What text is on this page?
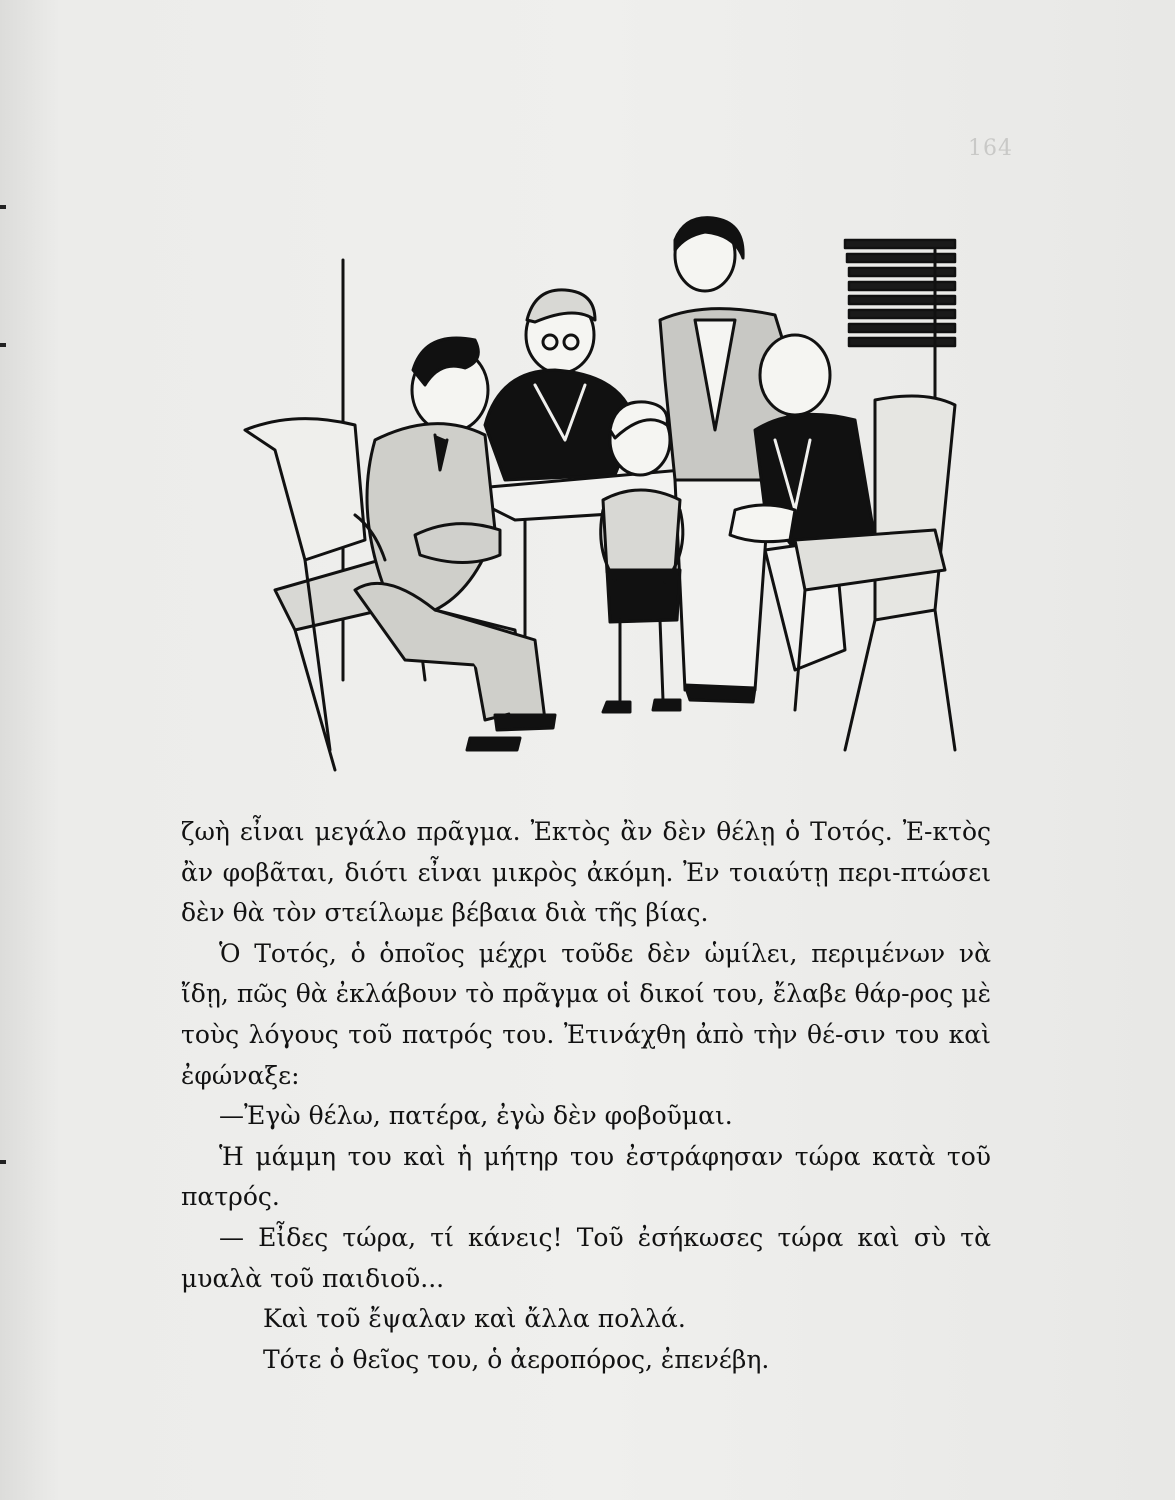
164

ζωὴ εἶναι μεγάλο πρᾶγμα. Ἐκτὸς ἂν δὲν θέλῃ ὁ Τοτός. Ἐ-κτὸς ἂν φοβᾶται, διότι εἶναι μικρὸς ἀκόμη. Ἐν τοιαύτῃ περι-πτώσει δὲν θὰ τὸν στείλωμε βέβαια διὰ τῆς βίας.

Ὁ Τοτός, ὁ ὁποῖος μέχρι τοῦδε δὲν ὡμίλει, περιμένων νὰ ἴδῃ, πῶς θὰ ἐκλάβουν τὸ πρᾶγμα οἱ δικοί του, ἔλαβε θάρ-ρος μὲ τοὺς λόγους τοῦ πατρός του. Ἐτινάχθη ἀπὸ τὴν θέ-σιν του καὶ ἐφώναξε:

—Ἐγὼ θέλω, πατέρα, ἐγὼ δὲν φοβοῦμαι.

Ἡ μάμμη του καὶ ἡ μήτηρ του ἐστράφησαν τώρα κατὰ τοῦ πατρός.

— Εἶδες τώρα, τί κάνεις! Τοῦ ἐσήκωσες τώρα καὶ σὺ τὰ μυαλὰ τοῦ παιδιοῦ...

Καὶ τοῦ ἔψαλαν καὶ ἄλλα πολλά.

Τότε ὁ θεῖος του, ὁ ἀεροπόρος, ἐπενέβη.
